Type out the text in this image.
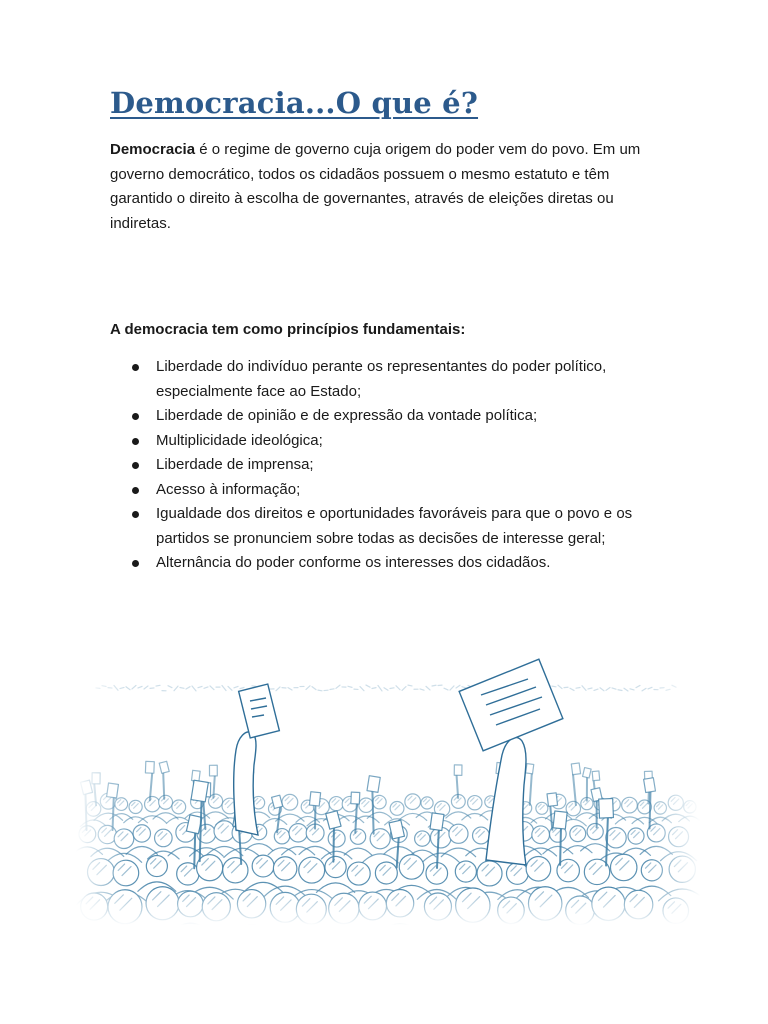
Democracia...O que é?

Democracia é o regime de governo cuja origem do poder vem do povo. Em um governo democrático, todos os cidadãos possuem o mesmo estatuto e têm garantido o direito à escolha de governantes, através de eleições diretas ou indiretas.

A democracia tem como princípios fundamentais:

Liberdade do indivíduo perante os representantes do poder político, especialmente face ao Estado;
Liberdade de opinião e de expressão da vontade política;
Multiplicidade ideológica;
Liberdade de imprensa;
Acesso à informação;
Igualdade dos direitos e oportunidades favoráveis para que o povo e os partidos se pronunciem sobre todas as decisões de interesse geral;
Alternância do poder conforme os interesses dos cidadãos.
